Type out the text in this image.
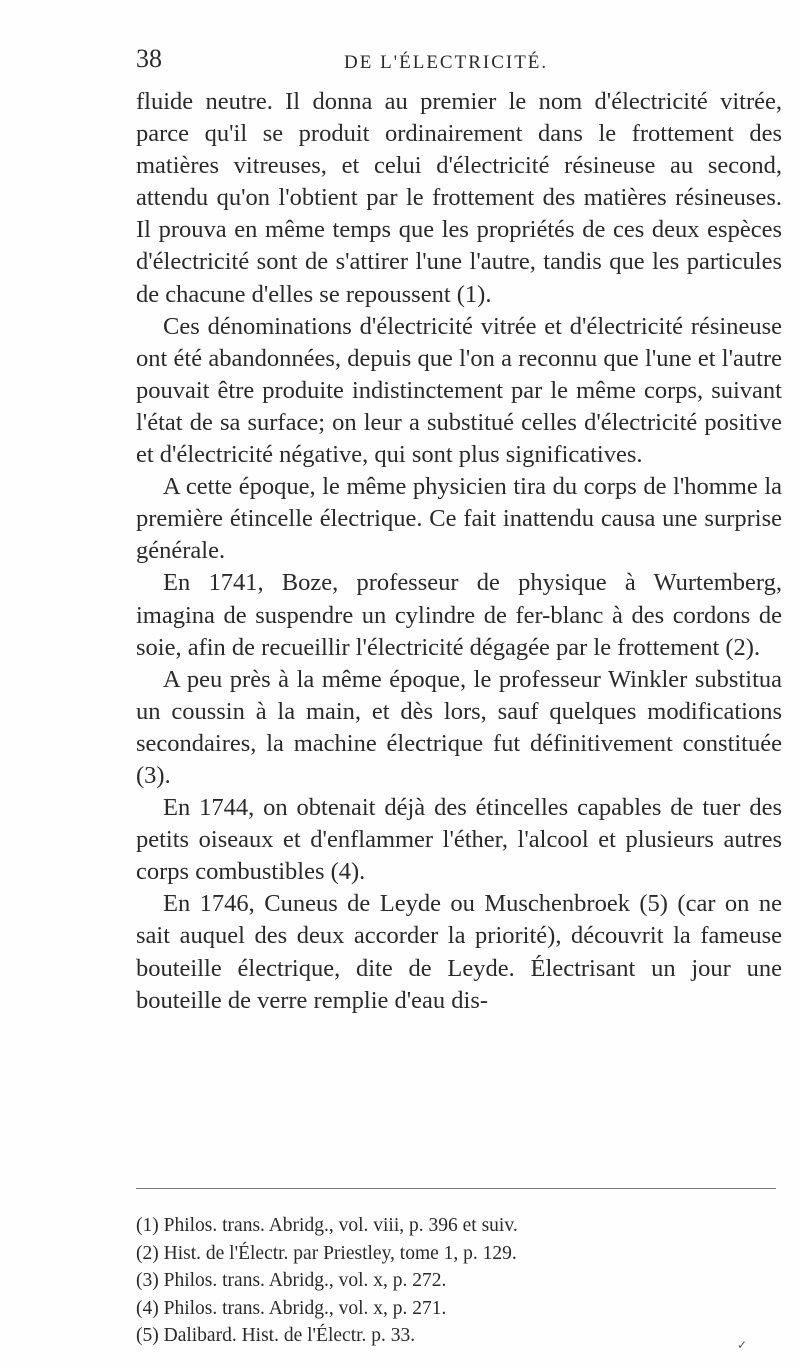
38	DE L'ÉLECTRICITÉ.

fluide neutre. Il donna au premier le nom d'électricité vitrée, parce qu'il se produit ordinairement dans le frottement des matières vitreuses, et celui d'électricité résineuse au second, attendu qu'on l'obtient par le frottement des matières résineuses. Il prouva en même temps que les propriétés de ces deux espèces d'électricité sont de s'attirer l'une l'autre, tandis que les particules de chacune d'elles se repoussent (1).

Ces dénominations d'électricité vitrée et d'électricité résineuse ont été abandonnées, depuis que l'on a reconnu que l'une et l'autre pouvait être produite indistinctement par le même corps, suivant l'état de sa surface; on leur a substitué celles d'électricité positive et d'électricité négative, qui sont plus significatives.

A cette époque, le même physicien tira du corps de l'homme la première étincelle électrique. Ce fait inattendu causa une surprise générale.

En 1741, Boze, professeur de physique à Wurtemberg, imagina de suspendre un cylindre de fer-blanc à des cordons de soie, afin de recueillir l'électricité dégagée par le frottement (2).

A peu près à la même époque, le professeur Winkler substitua un coussin à la main, et dès lors, sauf quelques modifications secondaires, la machine électrique fut définitivement constituée (3).

En 1744, on obtenait déjà des étincelles capables de tuer des petits oiseaux et d'enflammer l'éther, l'alcool et plusieurs autres corps combustibles (4).

En 1746, Cuneus de Leyde ou Muschenbroek (5) (car on ne sait auquel des deux accorder la priorité), découvrit la fameuse bouteille électrique, dite de Leyde. Électrisant un jour une bouteille de verre remplie d'eau dis-

(1) Philos. trans. Abridg., vol. viii, p. 396 et suiv.
(2) Hist. de l'Électr. par Priestley, tome 1, p. 129.
(3) Philos. trans. Abridg., vol. x, p. 272.
(4) Philos. trans. Abridg., vol. x, p. 271.
(5) Dalibard. Hist. de l'Électr. p. 33.	✓
